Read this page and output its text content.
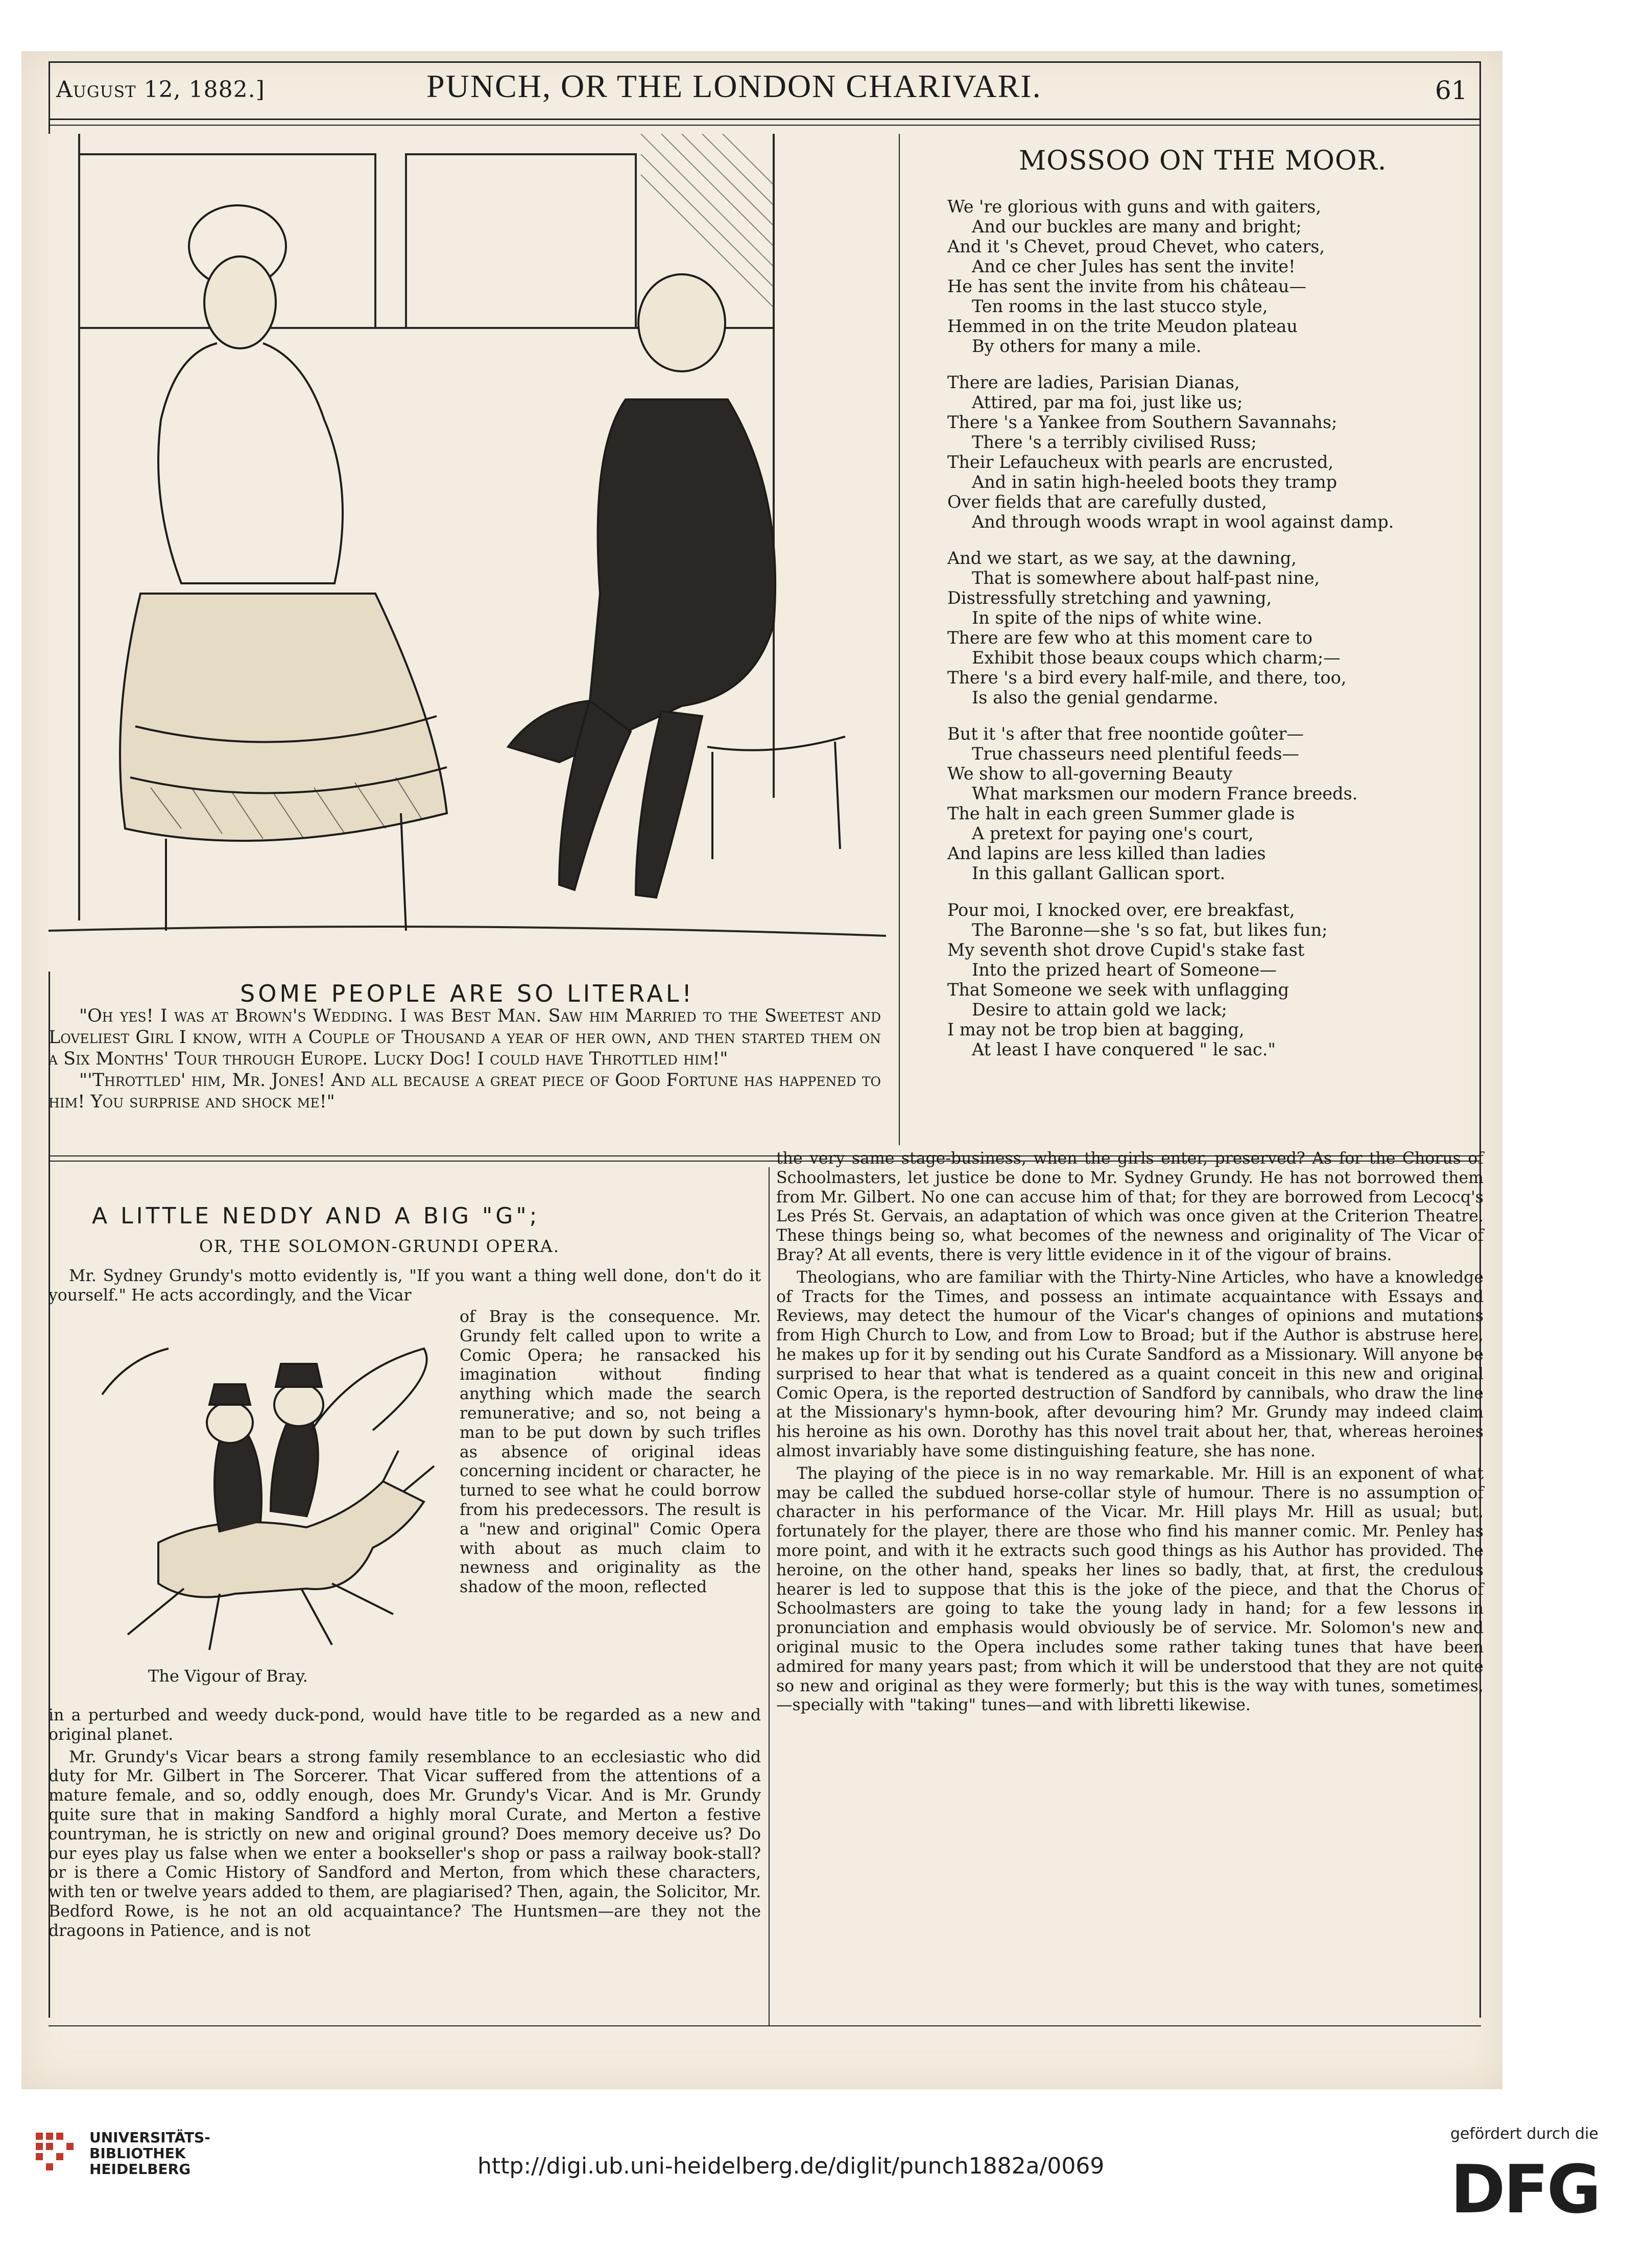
August 12, 1882.]	PUNCH, OR THE LONDON CHARIVARI.	61
SOME PEOPLE ARE SO LITERAL!

"Oh yes! I was at Brown's Wedding. I was Best Man. Saw him Married to the Sweetest and Loveliest Girl I know, with a Couple of Thousand a year of her own, and then started them on a Six Months' Tour through Europe. Lucky Dog! I could have Throttled him!"

"'Throttled' him, Mr. Jones! And all because a great piece of Good Fortune has happened to him! You surprise and shock me!"

MOSSOO ON THE MOOR.
We 're glorious with guns and with gaiters,
And our buckles are many and bright;
And it 's Chevet, proud Chevet, who caters,
And ce cher Jules has sent the invite!
He has sent the invite from his château—
Ten rooms in the last stucco style,
Hemmed in on the trite Meudon plateau
By others for many a mile.
There are ladies, Parisian Dianas,
Attired, par ma foi, just like us;
There 's a Yankee from Southern Savannahs;
There 's a terribly civilised Russ;
Their Lefaucheux with pearls are encrusted,
And in satin high-heeled boots they tramp
Over fields that are carefully dusted,
And through woods wrapt in wool against damp.
And we start, as we say, at the dawning,
That is somewhere about half-past nine,
Distressfully stretching and yawning,
In spite of the nips of white wine.
There are few who at this moment care to
Exhibit those beaux coups which charm;—
There 's a bird every half-mile, and there, too,
Is also the genial gendarme.
But it 's after that free noontide goûter—
True chasseurs need plentiful feeds—
We show to all-governing Beauty
What marksmen our modern France breeds.
The halt in each green Summer glade is
A pretext for paying one's court,
And lapins are less killed than ladies
In this gallant Gallican sport.
Pour moi, I knocked over, ere breakfast,
The Baronne—she 's so fat, but likes fun;
My seventh shot drove Cupid's stake fast
Into the prized heart of Someone—
That Someone we seek with unflagging
Desire to attain gold we lack;
I may not be trop bien at bagging,
At least I have conquered " le sac."
A LITTLE NEDDY AND A BIG "G";
OR, THE SOLOMON-GRUNDI OPERA.

Mr. Sydney Grundy's motto evidently is, "If you want a thing well done, don't do it yourself." He acts accordingly, and the Vicar

of Bray is the consequence. Mr. Grundy felt called upon to write a Comic Opera; he ransacked his imagination without finding anything which made the search remunerative; and so, not being a man to be put down by such trifles as absence of original ideas concerning incident or character, he turned to see what he could borrow from his predecessors. The result is a "new and original" Comic Opera with about as much claim to newness and originality as the shadow of the moon, reflected

The Vigour of Bray.

in a perturbed and weedy duck-pond, would have title to be regarded as a new and original planet.

Mr. Grundy's Vicar bears a strong family resemblance to an ecclesiastic who did duty for Mr. Gilbert in The Sorcerer. That Vicar suffered from the attentions of a mature female, and so, oddly enough, does Mr. Grundy's Vicar. And is Mr. Grundy quite sure that in making Sandford a highly moral Curate, and Merton a festive countryman, he is strictly on new and original ground? Does memory deceive us? Do our eyes play us false when we enter a bookseller's shop or pass a railway book-stall? or is there a Comic History of Sandford and Merton, from which these characters, with ten or twelve years added to them, are plagiarised? Then, again, the Solicitor, Mr. Bedford Rowe, is he not an old acquaintance? The Huntsmen—are they not the dragoons in Patience, and is not

the very same stage-business, when the girls enter, preserved? As for the Chorus of Schoolmasters, let justice be done to Mr. Sydney Grundy. He has not borrowed them from Mr. Gilbert. No one can accuse him of that; for they are borrowed from Lecocq's Les Prés St. Gervais, an adaptation of which was once given at the Criterion Theatre. These things being so, what becomes of the newness and originality of The Vicar of Bray? At all events, there is very little evidence in it of the vigour of brains.

Theologians, who are familiar with the Thirty-Nine Articles, who have a knowledge of Tracts for the Times, and possess an intimate acquaintance with Essays and Reviews, may detect the humour of the Vicar's changes of opinions and mutations from High Church to Low, and from Low to Broad; but if the Author is abstruse here, he makes up for it by sending out his Curate Sandford as a Missionary. Will anyone be surprised to hear that what is tendered as a quaint conceit in this new and original Comic Opera, is the reported destruction of Sandford by cannibals, who draw the line at the Missionary's hymn-book, after devouring him? Mr. Grundy may indeed claim his heroine as his own. Dorothy has this novel trait about her, that, whereas heroines almost invariably have some distinguishing feature, she has none.

The playing of the piece is in no way remarkable. Mr. Hill is an exponent of what may be called the subdued horse-collar style of humour. There is no assumption of character in his performance of the Vicar. Mr. Hill plays Mr. Hill as usual; but, fortunately for the player, there are those who find his manner comic. Mr. Penley has more point, and with it he extracts such good things as his Author has provided. The heroine, on the other hand, speaks her lines so badly, that, at first, the credulous hearer is led to suppose that this is the joke of the piece, and that the Chorus of Schoolmasters are going to take the young lady in hand; for a few lessons in pronunciation and emphasis would obviously be of service. Mr. Solomon's new and original music to the Opera includes some rather taking tunes that have been admired for many years past; from which it will be understood that they are not quite so new and original as they were formerly; but this is the way with tunes, sometimes, —specially with "taking" tunes—and with libretti likewise.

UNIVERSITÄTS-
BIBLIOTHEK
HEIDELBERG	http://digi.ub.uni-heidelberg.de/diglit/punch1882a/0069
gefördert durch die
DFG
